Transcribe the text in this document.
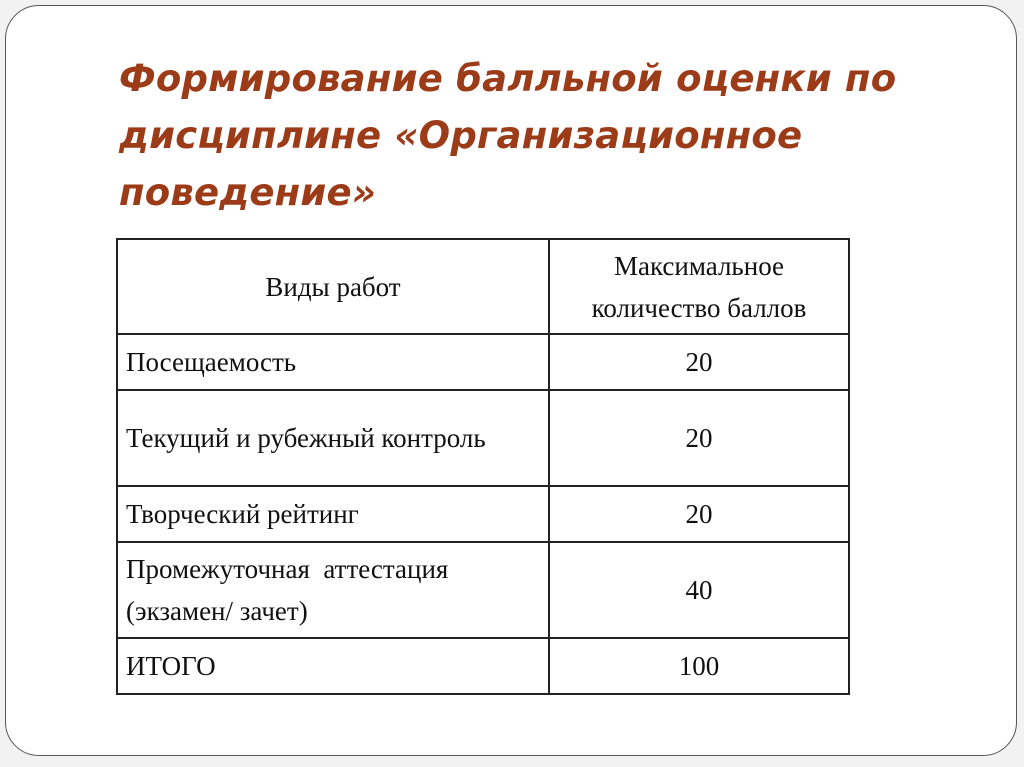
Формирование балльной оценки по дисциплине «Организационное поведение»
Виды работ	Максимальное количество баллов
Посещаемость	20
Текущий и рубежный контроль	20
Творческий рейтинг	20
Промежуточная  аттестация (экзамен/ зачет)	40
ИТОГО	100
